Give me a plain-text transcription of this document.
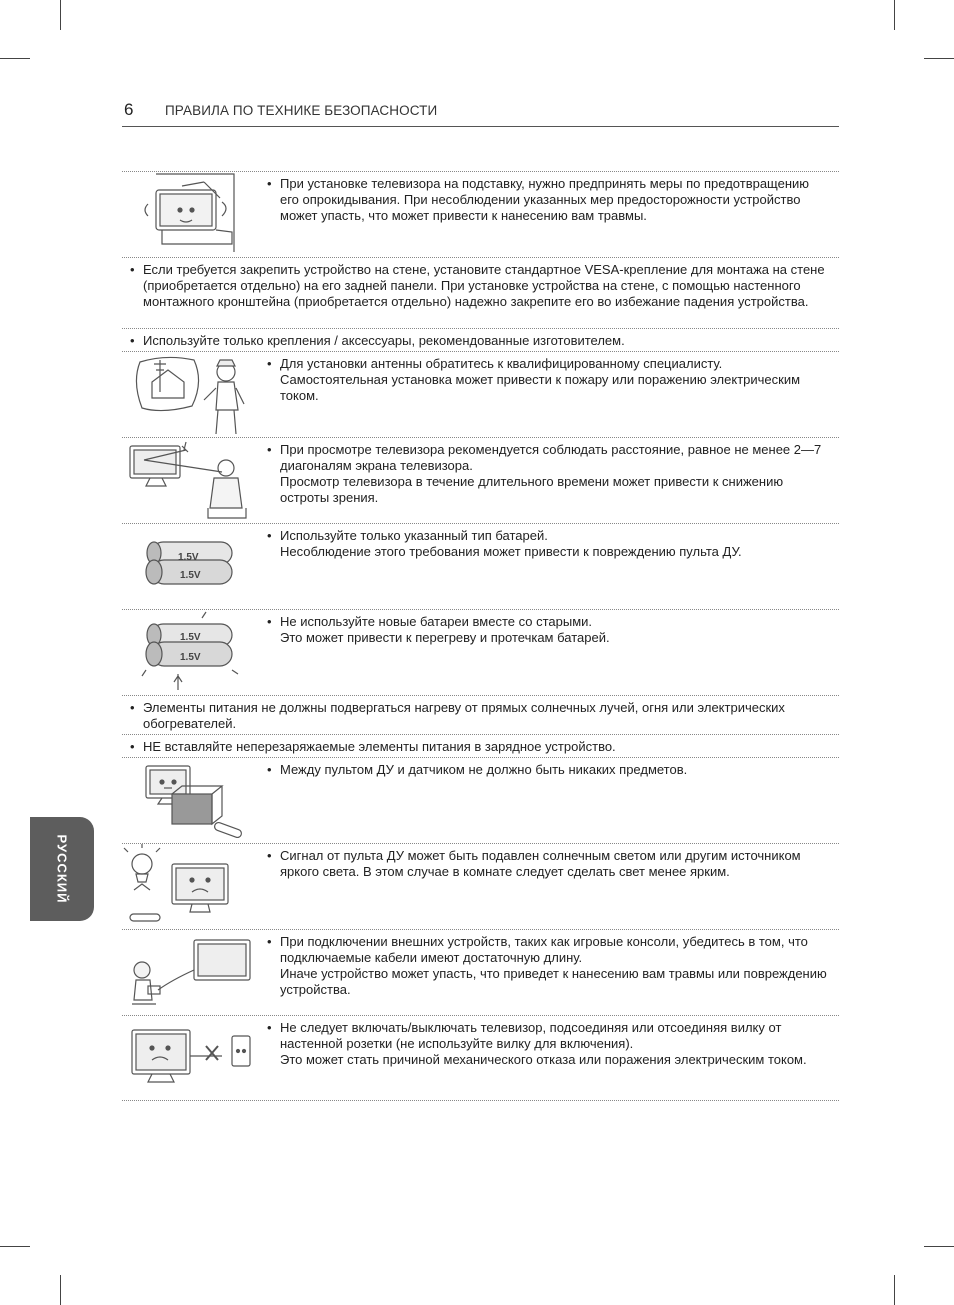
6 ПРАВИЛА ПО ТЕХНИКЕ БЕЗОПАСНОСТИ
РУССКИЙ
• При установке телевизора на подставку, нужно предпринять меры по предотвращению его опрокидывания. При несоблюдении указанных мер предосторожности устройство может упасть, что может привести к нанесению вам травмы.
• Если требуется закрепить устройство на стене, установите стандартное VESA-крепление для монтажа на стене (приобретается отдельно) на его задней панели. При установке устройства на стене, с помощью настенного монтажного кронштейна (приобретается отдельно) надежно закрепите его во избежание падения устройства.
• Используйте только крепления / аксессуары, рекомендованные изготовителем.
• Для установки антенны обратитесь к квалифицированному специалисту. Самостоятельная установка может привести к пожару или поражению электрическим током.
• При просмотре телевизора рекомендуется соблюдать расстояние, равное не менее 2—7 диагоналям экрана телевизора.
Просмотр телевизора в течение длительного времени может привести к снижению остроты зрения.
1.5V
1.5V
• Используйте только указанный тип батарей.
Несоблюдение этого требования может привести к повреждению пульта ДУ.
1.5V
1.5V
• Не используйте новые батареи вместе со старыми.
Это может привести к перегреву и протечкам батарей.
• Элементы питания не должны подвергаться нагреву от прямых солнечных лучей, огня или электрических обогревателей.
• НЕ вставляйте неперезаряжаемые элементы питания в зарядное устройство.
• Между пультом ДУ и датчиком не должно быть никаких предметов.
• Сигнал от пульта ДУ может быть подавлен солнечным светом или другим источником яркого света. В этом случае в комнате следует сделать свет менее ярким.
• При подключении внешних устройств, таких как игровые консоли, убедитесь в том, что подключаемые кабели имеют достаточную длину.
Иначе устройство может упасть, что приведет к нанесению вам травмы или повреждению устройства.
• Не следует включать/выключать телевизор, подсоединяя или отсоединяя вилку от настенной розетки (не используйте вилку для включения).
Это может стать причиной механического отказа или поражения электрическим током.
